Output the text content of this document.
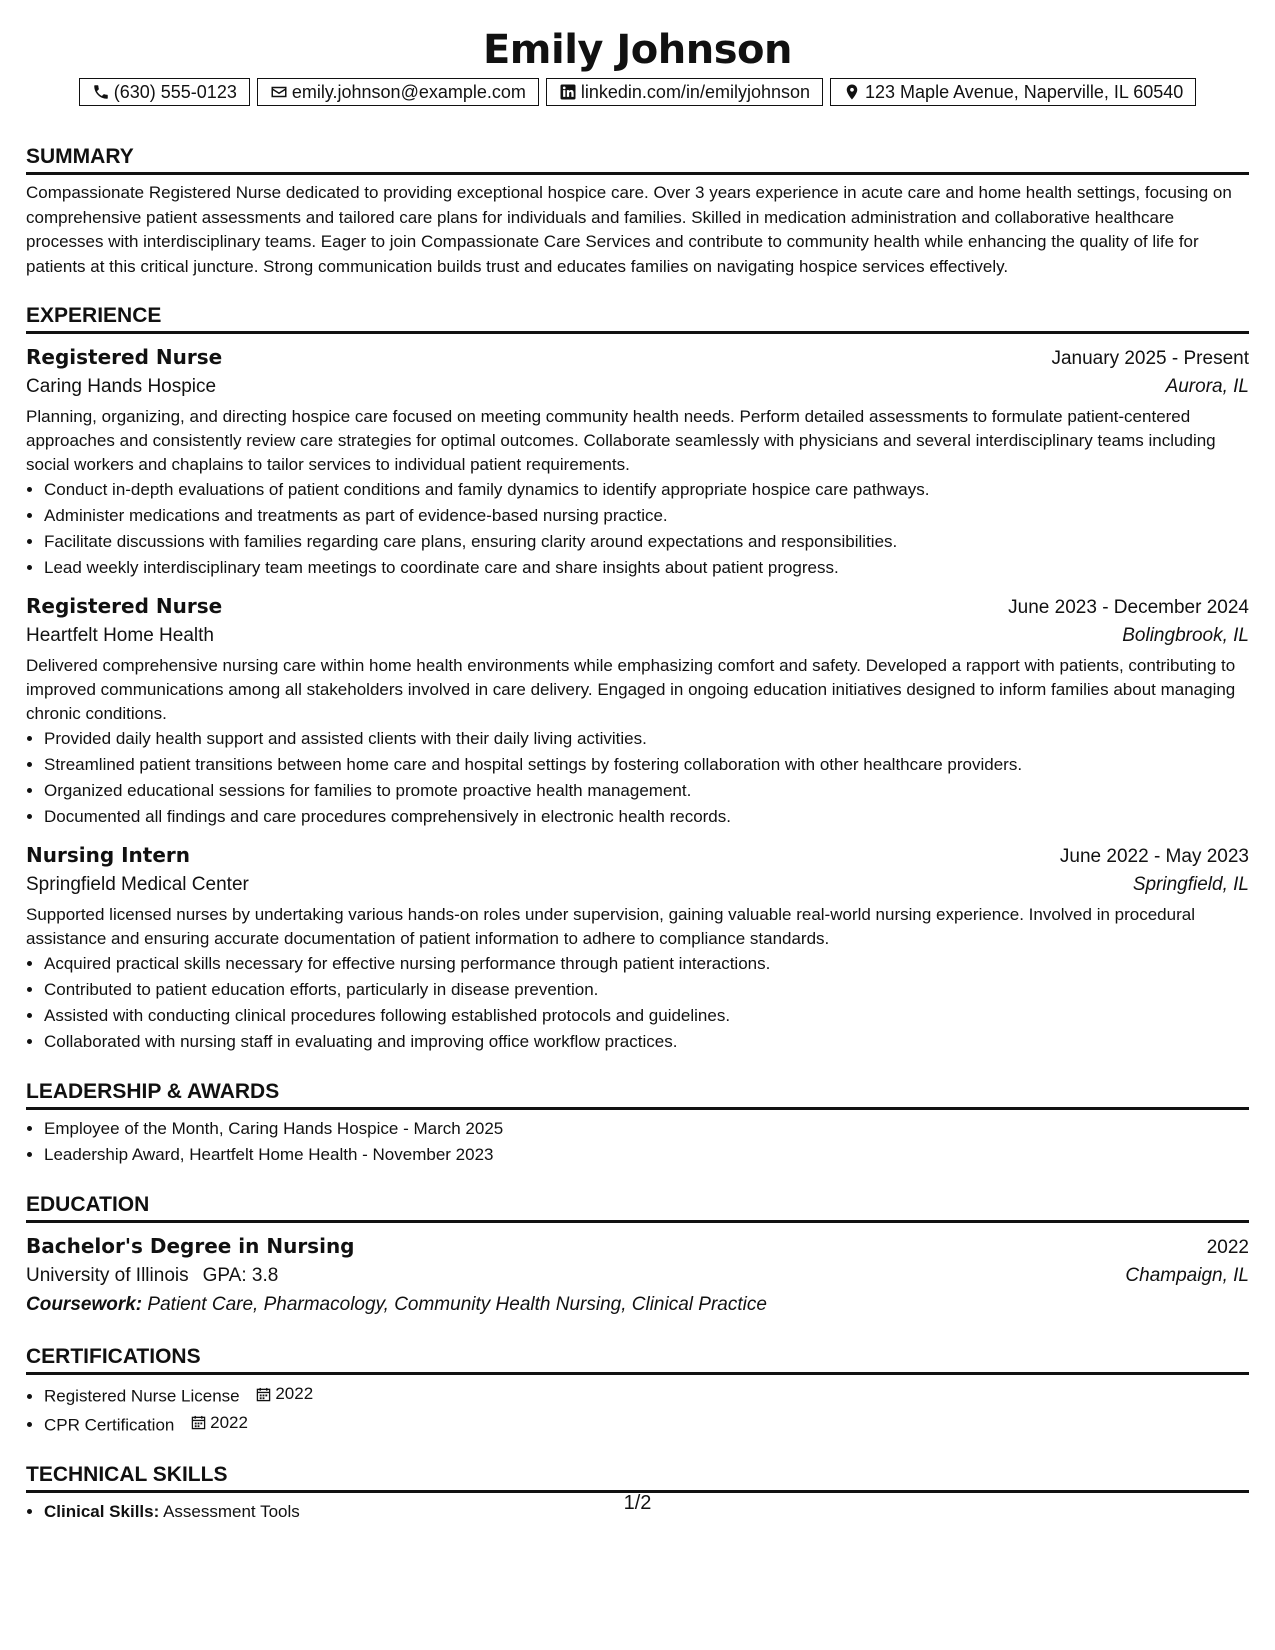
Emily Johnson
(630) 555-0123	emily.johnson@example.com	linkedin.com/in/emilyjohnson	123 Maple Avenue, Naperville, IL 60540
SUMMARY
Compassionate Registered Nurse dedicated to providing exceptional hospice care. Over 3 years experience in acute care and home health settings, focusing on comprehensive patient assessments and tailored care plans for individuals and families. Skilled in medication administration and collaborative healthcare processes with interdisciplinary teams. Eager to join Compassionate Care Services and contribute to community health while enhancing the quality of life for patients at this critical juncture. Strong communication builds trust and educates families on navigating hospice services effectively.
EXPERIENCE
Registered Nurse	January 2025 - Present
Caring Hands Hospice	Aurora, IL
Planning, organizing, and directing hospice care focused on meeting community health needs. Perform detailed assessments to formulate patient-centered approaches and consistently review care strategies for optimal outcomes. Collaborate seamlessly with physicians and several interdisciplinary teams including social workers and chaplains to tailor services to individual patient requirements.
• Conduct in-depth evaluations of patient conditions and family dynamics to identify appropriate hospice care pathways.
• Administer medications and treatments as part of evidence-based nursing practice.
• Facilitate discussions with families regarding care plans, ensuring clarity around expectations and responsibilities.
• Lead weekly interdisciplinary team meetings to coordinate care and share insights about patient progress.
Registered Nurse	June 2023 - December 2024
Heartfelt Home Health	Bolingbrook, IL
Delivered comprehensive nursing care within home health environments while emphasizing comfort and safety. Developed a rapport with patients, contributing to improved communications among all stakeholders involved in care delivery. Engaged in ongoing education initiatives designed to inform families about managing chronic conditions.
• Provided daily health support and assisted clients with their daily living activities.
• Streamlined patient transitions between home care and hospital settings by fostering collaboration with other healthcare providers.
• Organized educational sessions for families to promote proactive health management.
• Documented all findings and care procedures comprehensively in electronic health records.
Nursing Intern	June 2022 - May 2023
Springfield Medical Center	Springfield, IL
Supported licensed nurses by undertaking various hands-on roles under supervision, gaining valuable real-world nursing experience. Involved in procedural assistance and ensuring accurate documentation of patient information to adhere to compliance standards.
• Acquired practical skills necessary for effective nursing performance through patient interactions.
• Contributed to patient education efforts, particularly in disease prevention.
• Assisted with conducting clinical procedures following established protocols and guidelines.
• Collaborated with nursing staff in evaluating and improving office workflow practices.
LEADERSHIP & AWARDS
• Employee of the Month, Caring Hands Hospice - March 2025
• Leadership Award, Heartfelt Home Health - November 2023
EDUCATION
Bachelor's Degree in Nursing	2022
University of Illinois GPA: 3.8	Champaign, IL
Coursework: Patient Care, Pharmacology, Community Health Nursing, Clinical Practice
CERTIFICATIONS
• Registered Nurse License 2022
• CPR Certification 2022
TECHNICAL SKILLS
• Clinical Skills: Assessment Tools	1/2
